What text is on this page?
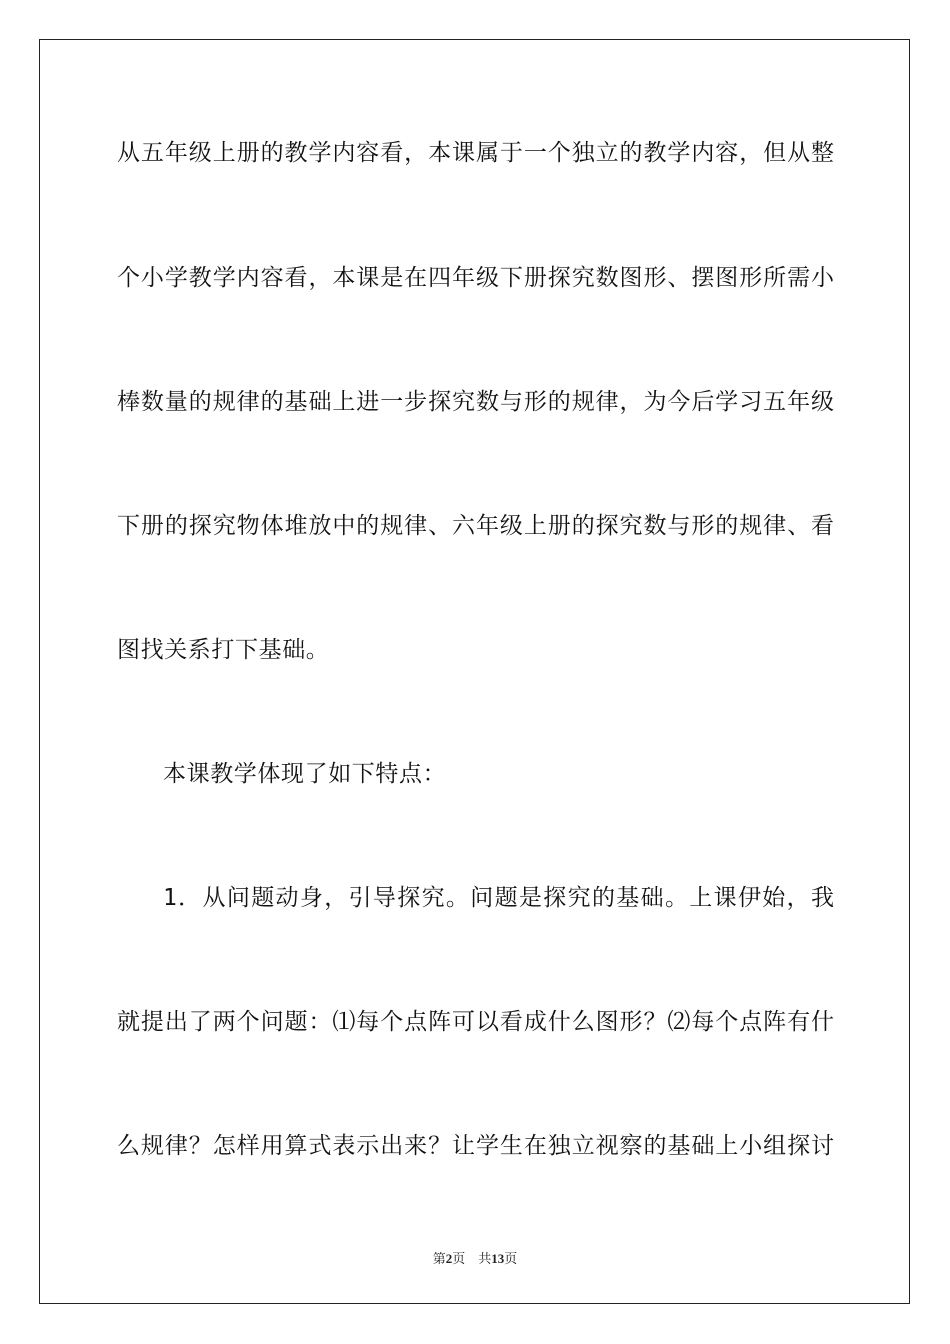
从五年级上册的教学内容看，本课属于一个独立的教学内容，但从整
个小学教学内容看，本课是在四年级下册探究数图形、摆图形所需小
棒数量的规律的基础上进一步探究数与形的规律，为今后学习五年级
下册的探究物体堆放中的规律、六年级上册的探究数与形的规律、看
图找关系打下基础。
本课教学体现了如下特点：
1．从问题动身，引导探究。问题是探究的基础。上课伊始，我
就提出了两个问题：⑴每个点阵可以看成什么图形？⑵每个点阵有什
么规律？怎样用算式表示出来？让学生在独立视察的基础上小组探讨
第2页 共13页
